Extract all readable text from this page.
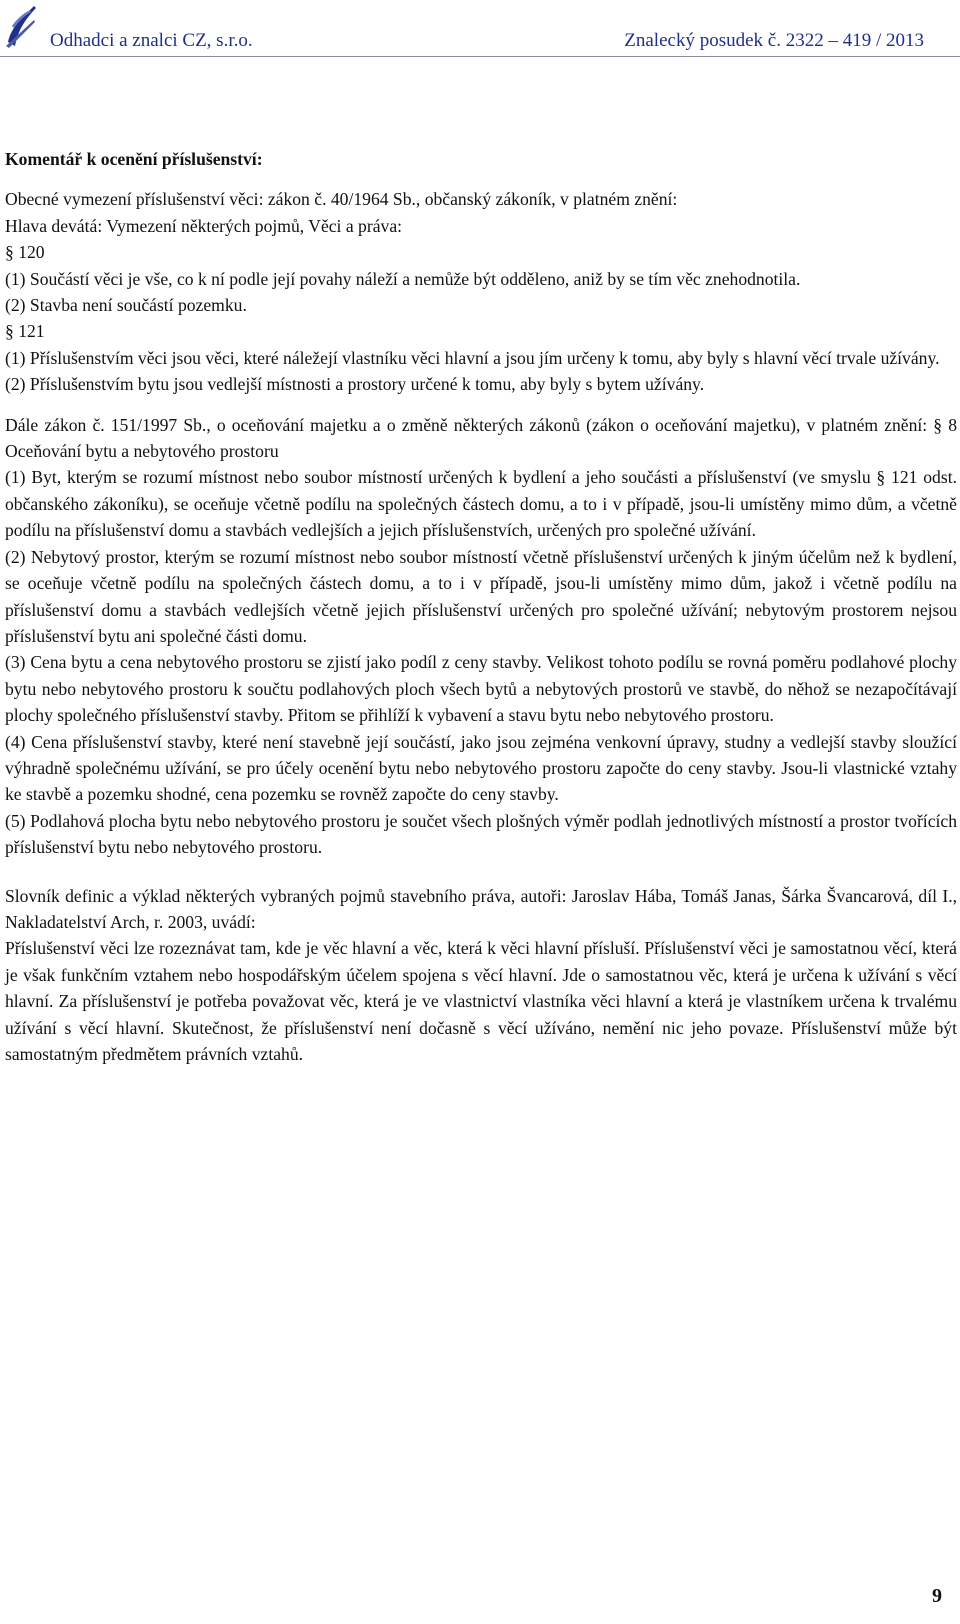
Odhadci a znalci CZ, s.r.o.	Znalecký posudek č. 2322 – 419 / 2013

Komentář k ocenění příslušenství:

Obecné vymezení příslušenství věci: zákon č. 40/1964 Sb., občanský zákoník, v platném znění:

Hlava devátá: Vymezení některých pojmů, Věci a práva:

§ 120

(1) Součástí věci je vše, co k ní podle její povahy náleží a nemůže být odděleno, aniž by se tím věc znehodnotila.

(2) Stavba není součástí pozemku.

§ 121

(1) Příslušenstvím věci jsou věci, které náležejí vlastníku věci hlavní a jsou jím určeny k tomu, aby byly s hlavní věcí trvale užívány.

(2) Příslušenstvím bytu jsou vedlejší místnosti a prostory určené k tomu, aby byly s bytem užívány.

Dále zákon č. 151/1997 Sb., o oceňování majetku a o změně některých zákonů (zákon o oceňování majetku), v platném znění: § 8 Oceňování bytu a nebytového prostoru

(1) Byt, kterým se rozumí místnost nebo soubor místností určených k bydlení a jeho součásti a příslušenství (ve smyslu § 121 odst. občanského zákoníku), se oceňuje včetně podílu na společných částech domu, a to i v případě, jsou-li umístěny mimo dům, a včetně podílu na příslušenství domu a stavbách vedlejších a jejich příslušenstvích, určených pro společné užívání.

(2) Nebytový prostor, kterým se rozumí místnost nebo soubor místností včetně příslušenství určených k jiným účelům než k bydlení, se oceňuje včetně podílu na společných částech domu, a to i v případě, jsou-li umístěny mimo dům, jakož i včetně podílu na příslušenství domu a stavbách vedlejších včetně jejich příslušenství určených pro společné užívání; nebytovým prostorem nejsou příslušenství bytu ani společné části domu.

(3) Cena bytu a cena nebytového prostoru se zjistí jako podíl z ceny stavby. Velikost tohoto podílu se rovná poměru podlahové plochy bytu nebo nebytového prostoru k součtu podlahových ploch všech bytů a nebytových prostorů ve stavbě, do něhož se nezapočítávají plochy společného příslušenství stavby. Přitom se přihlíží k vybavení a stavu bytu nebo nebytového prostoru.

(4) Cena příslušenství stavby, které není stavebně její součástí, jako jsou zejména venkovní úpravy, studny a vedlejší stavby sloužící výhradně společnému užívání, se pro účely ocenění bytu nebo nebytového prostoru započte do ceny stavby. Jsou-li vlastnické vztahy ke stavbě a pozemku shodné, cena pozemku se rovněž započte do ceny stavby.

(5) Podlahová plocha bytu nebo nebytového prostoru je součet všech plošných výměr podlah jednotlivých místností a prostor tvořících příslušenství bytu nebo nebytového prostoru.

Slovník definic a výklad některých vybraných pojmů stavebního práva, autoři: Jaroslav Hába, Tomáš Janas, Šárka Švancarová, díl I., Nakladatelství Arch, r. 2003, uvádí:

Příslušenství věci lze rozeznávat tam, kde je věc hlavní a věc, která k věci hlavní přísluší. Příslušenství věci je samostatnou věcí, která je však funkčním vztahem nebo hospodářským účelem spojena s věcí hlavní. Jde o samostatnou věc, která je určena k užívání s věcí hlavní. Za příslušenství je potřeba považovat věc, která je ve vlastnictví vlastníka věci hlavní a která je vlastníkem určena k trvalému užívání s věcí hlavní. Skutečnost, že příslušenství není dočasně s věcí užíváno, nemění nic jeho povaze. Příslušenství může být samostatným předmětem právních vztahů.

9
